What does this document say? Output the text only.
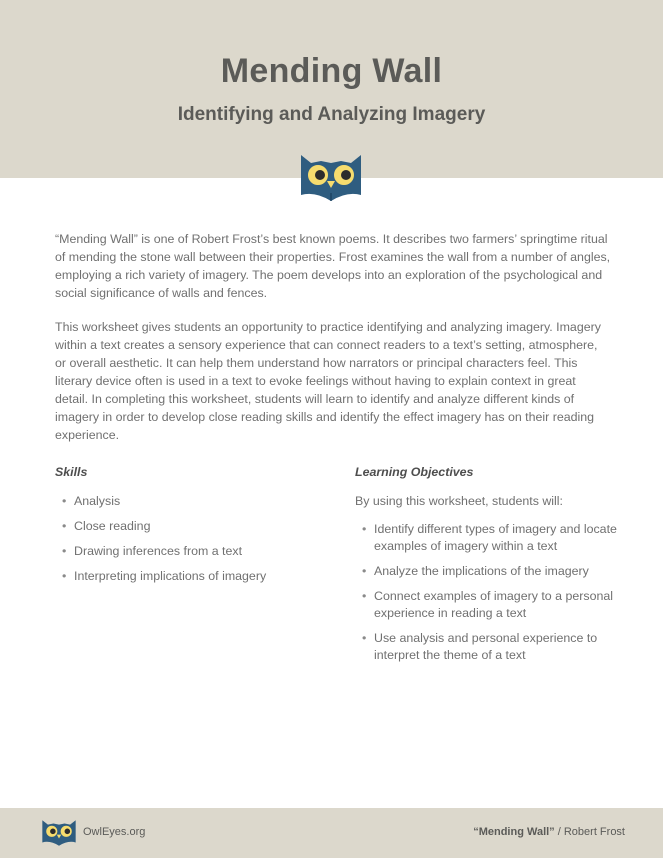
Mending Wall
Identifying and Analyzing Imagery

“Mending Wall” is one of Robert Frost’s best known poems. It describes two farmers’ springtime ritual of mending the stone wall between their properties. Frost examines the wall from a number of angles, employing a rich variety of imagery. The poem develops into an exploration of the psychological and social significance of walls and fences.

This worksheet gives students an opportunity to practice identifying and analyzing imagery. Imagery within a text creates a sensory experience that can connect readers to a text’s setting, atmosphere, or overall aesthetic. It can help them understand how narrators or principal characters feel. This literary device often is used in a text to evoke feelings without having to explain context in great detail. In completing this worksheet, students will learn to identify and analyze different kinds of imagery in order to develop close reading skills and identify the effect imagery has on their reading experience.

Skills
• Analysis
• Close reading
• Drawing inferences from a text
• Interpreting implications of imagery
Learning Objectives
By using this worksheet, students will:
• Identify different types of imagery and locate examples of imagery within a text
• Analyze the implications of the imagery
• Connect examples of imagery to a personal experience in reading a text
• Use analysis and personal experience to interpret the theme of a text
OwlEyes.org	“Mending Wall” / Robert Frost
